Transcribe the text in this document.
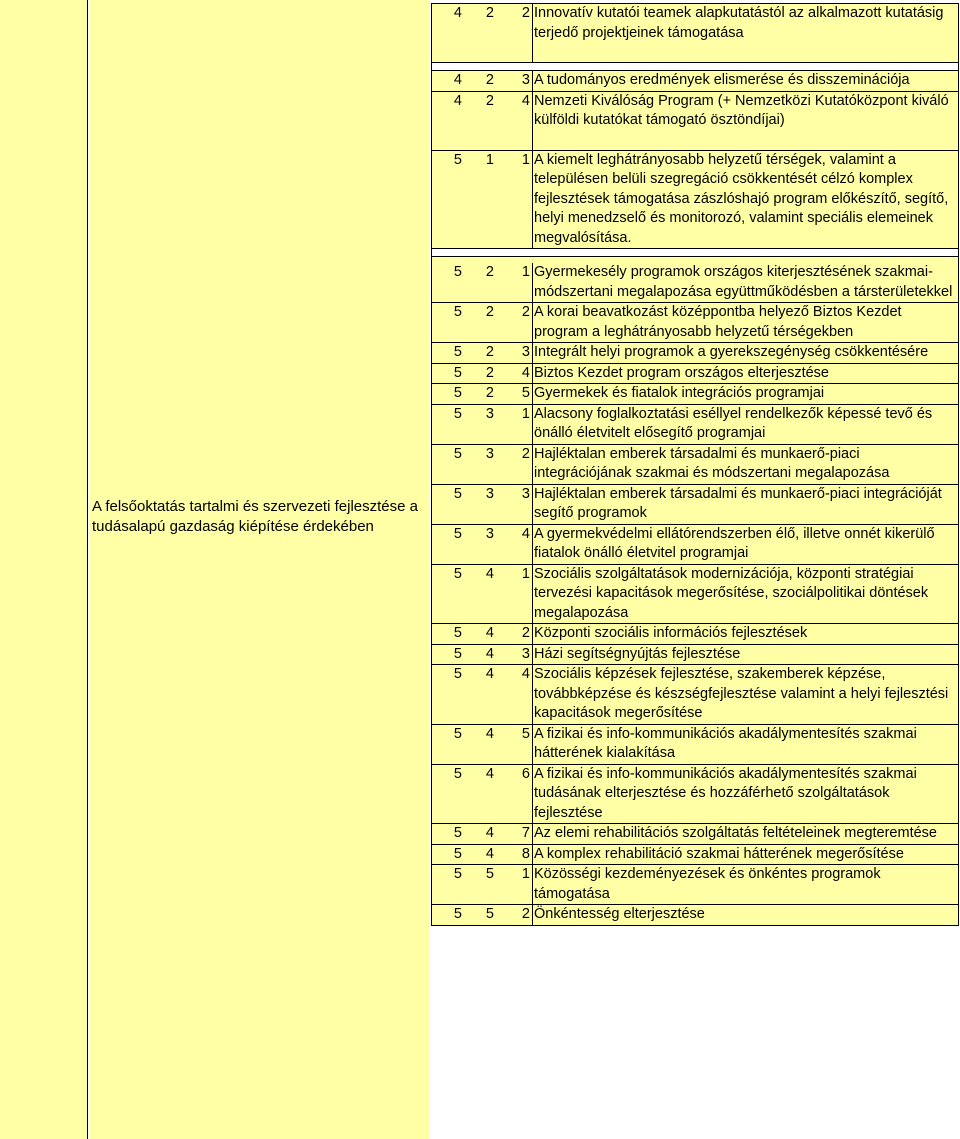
A felsőoktatás tartalmi és szervezeti fejlesztése a tudásalapú gazdaság kiépítése érdekében
4	2	2 Innovatív kutatói teamek alapkutatástól az alkalmazott kutatásig terjedő projektjeinek támogatása
4	2	3 A tudományos eredmények elismerése és disszeminációja
4	2	4 Nemzeti Kiválóság Program (+ Nemzetközi Kutatóközpont kiváló külföldi kutatókat támogató ösztöndíjai)
5	1	1 A kiemelt leghátrányosabb helyzetű térségek, valamint a településen belüli szegregáció csökkentését célzó komplex fejlesztések támogatása zászlóshajó program előkészítő, segítő, helyi menedzselő és monitorozó, valamint speciális elemeinek megvalósítása.
5	2	1 Gyermekesély programok országos kiterjesztésének szakmai-módszertani megalapozása együttműködésben a társterületekkel
5	2	2 A korai beavatkozást középpontba helyező Biztos Kezdet program a leghátrányosabb helyzetű térségekben
5	2	3 Integrált helyi programok a gyerekszegénység csökkentésére
5	2	4 Biztos Kezdet program országos elterjesztése
5	2	5 Gyermekek és fiatalok integrációs programjai
5	3	1 Alacsony foglalkoztatási eséllyel rendelkezők képessé tevő és önálló életvitelt elősegítő programjai
5	3	2 Hajléktalan emberek társadalmi és munkaerő-piaci integrációjának szakmai és módszertani megalapozása
5	3	3 Hajléktalan emberek társadalmi és munkaerő-piaci integrációját segítő programok
5	3	4 A gyermekvédelmi ellátórendszerben élő, illetve onnét kikerülő fiatalok önálló életvitel programjai
5	4	1 Szociális szolgáltatások modernizációja, központi stratégiai tervezési kapacitások megerősítése, szociálpolitikai döntések megalapozása
5	4	2 Központi szociális információs fejlesztések
5	4	3 Házi segítségnyújtás fejlesztése
5	4	4 Szociális képzések fejlesztése, szakemberek képzése, továbbképzése és készségfejlesztése valamint a helyi fejlesztési kapacitások megerősítése
5	4	5 A fizikai és info-kommunikációs akadálymentesítés szakmai hátterének kialakítása
5	4	6 A fizikai és info-kommunikációs akadálymentesítés szakmai tudásának elterjesztése és hozzáférhető szolgáltatások fejlesztése
5	4	7 Az elemi rehabilitációs szolgáltatás feltételeinek megteremtése
5	4	8 A komplex rehabilitáció szakmai hátterének megerősítése
5	5	1 Közösségi kezdeményezések és önkéntes programok támogatása
5	5	2 Önkéntesség elterjesztése
